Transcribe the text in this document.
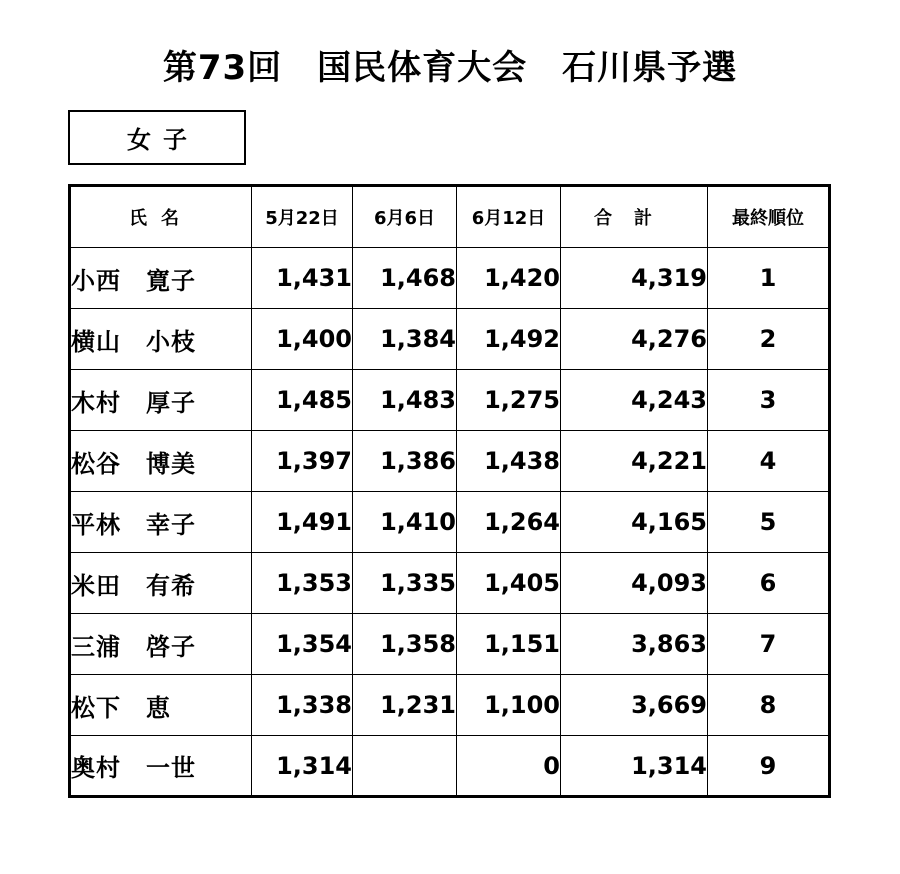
第73回　国民体育大会　石川県予選
女子
氏名	5月22日	6月6日	6月12日	合計	最終順位
小西　寛子	1,431	1,468	1,420	4,319	1
横山　小枝	1,400	1,384	1,492	4,276	2
木村　厚子	1,485	1,483	1,275	4,243	3
松谷　博美	1,397	1,386	1,438	4,221	4
平林　幸子	1,491	1,410	1,264	4,165	5
米田　有希	1,353	1,335	1,405	4,093	6
三浦　啓子	1,354	1,358	1,151	3,863	7
松下　恵	1,338	1,231	1,100	3,669	8
奥村　一世	1,314		0	1,314	9
